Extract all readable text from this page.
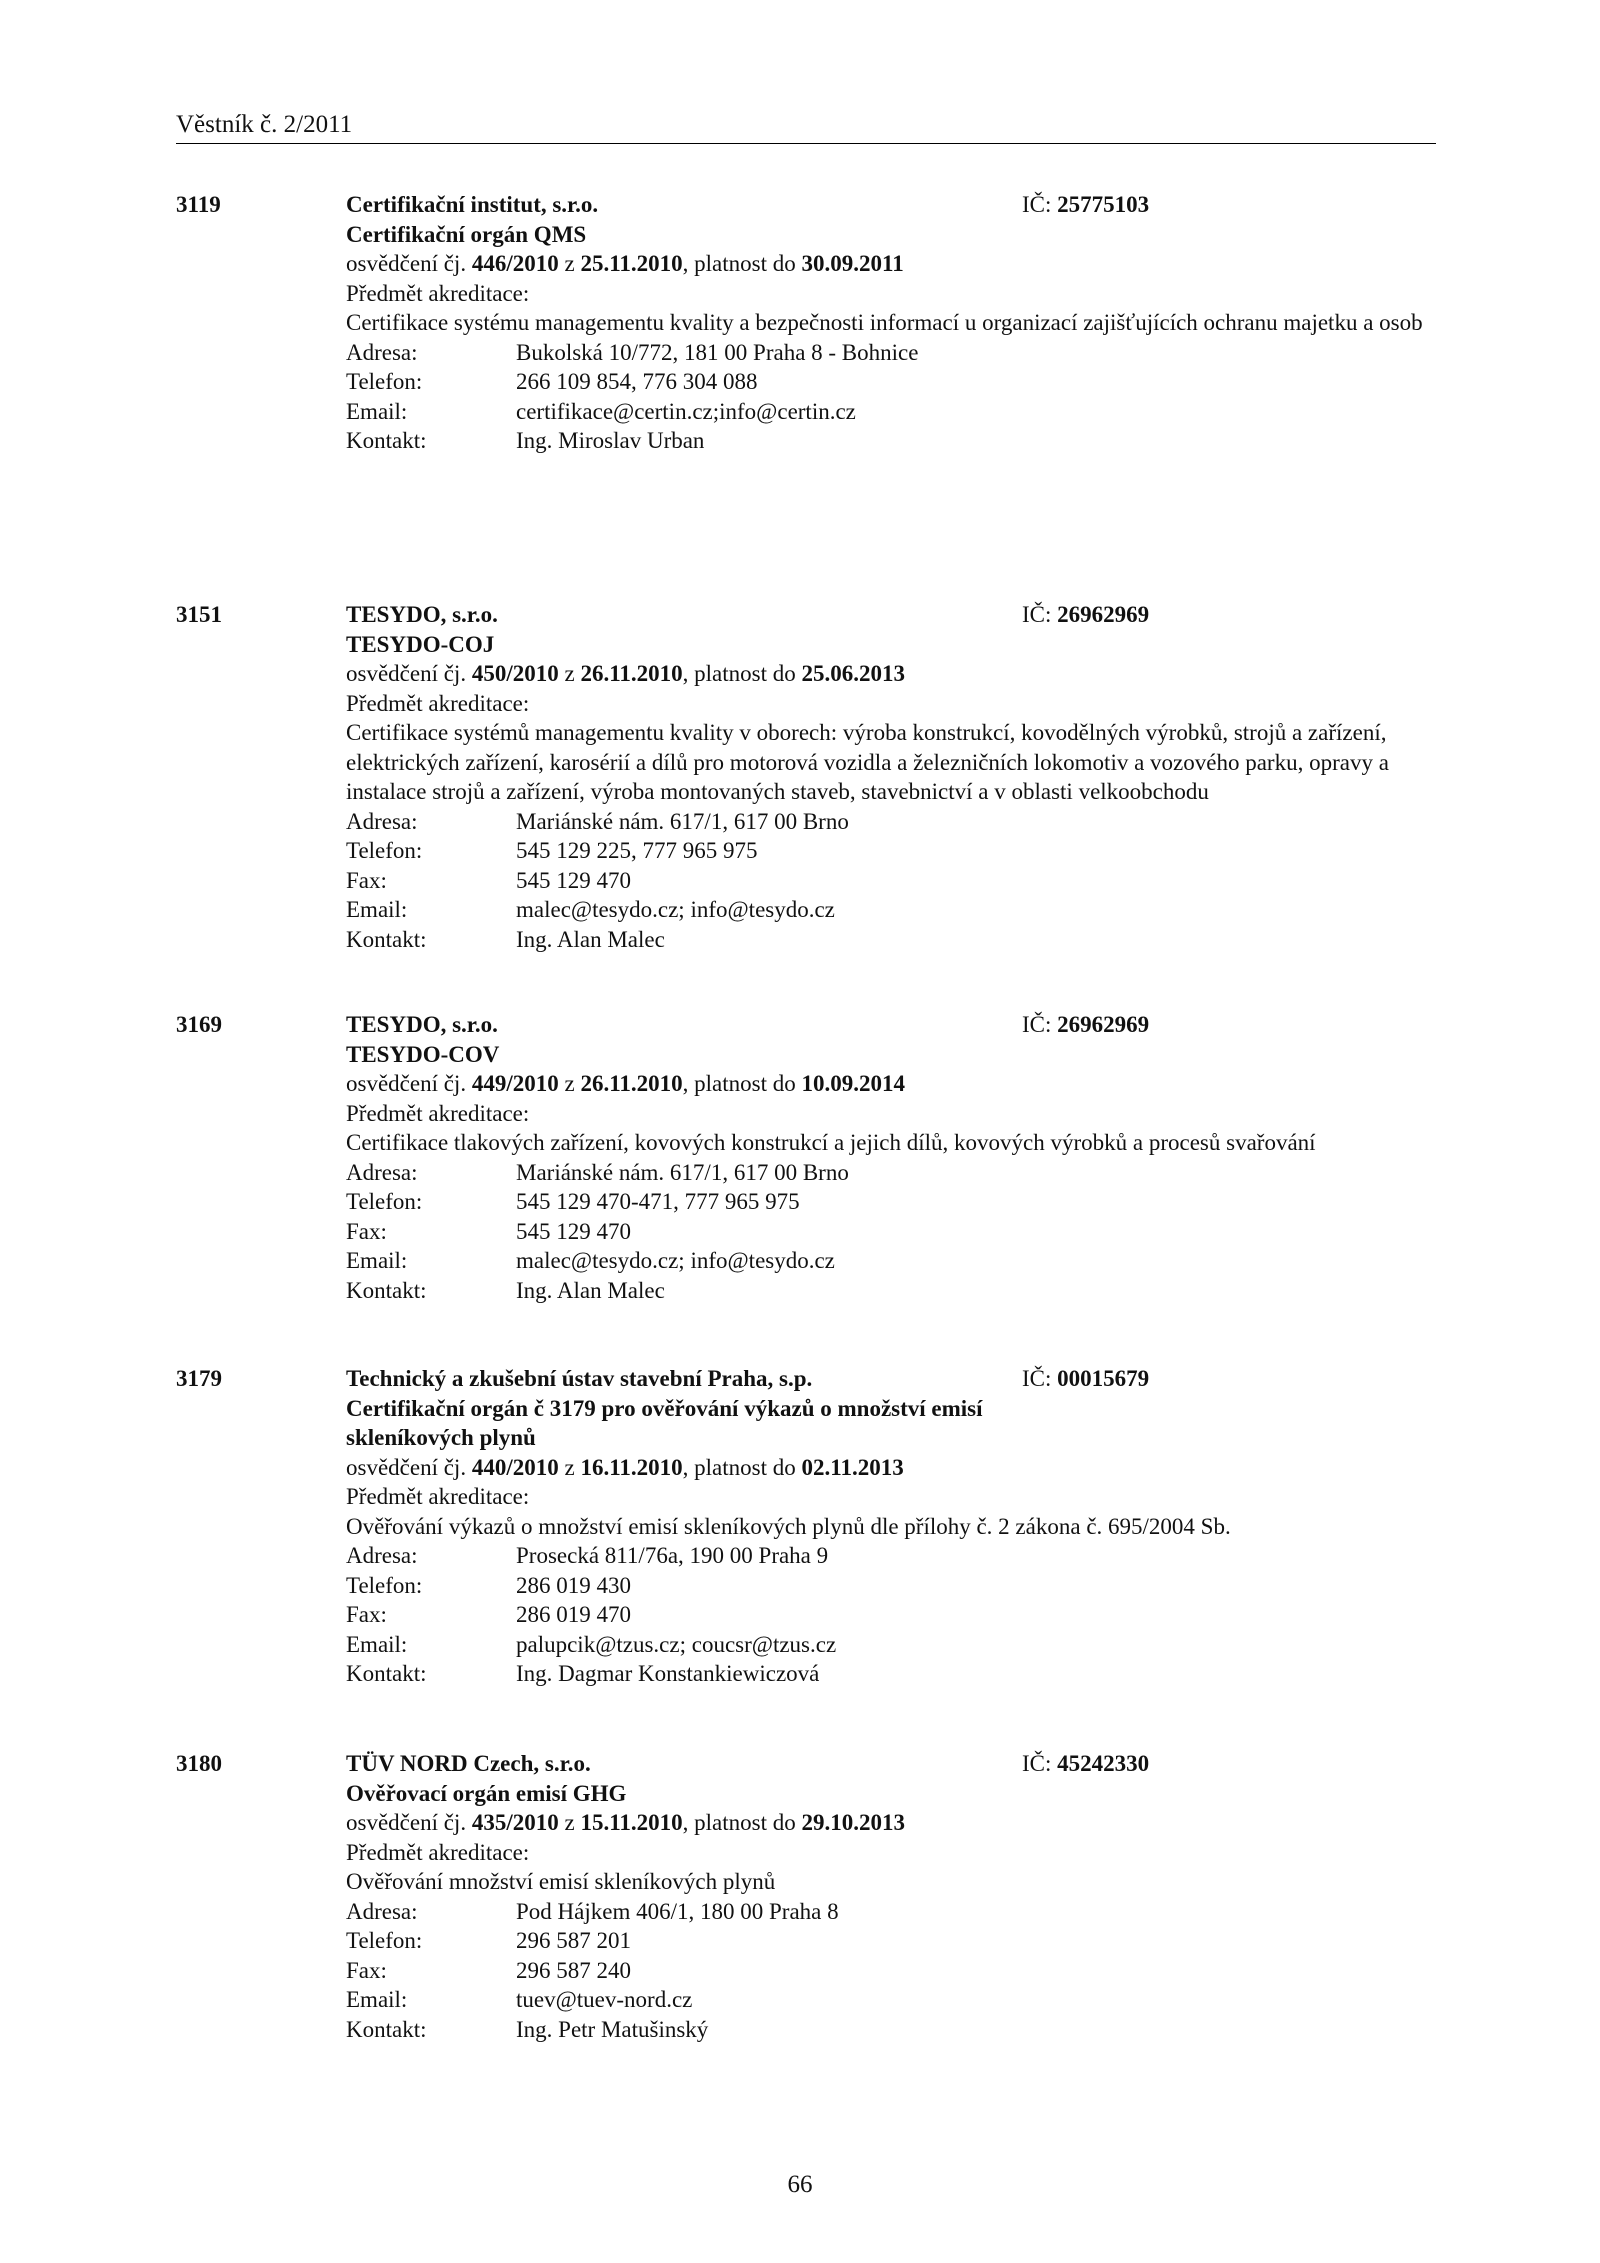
Věstník č. 2/2011
3119	Certifikační institut, s.r.o.	IČ: 25775103
Certifikační orgán QMS
osvědčení čj. 446/2010 z 25.11.2010, platnost do 30.09.2011
Předmět akreditace:
Certifikace systému managementu kvality a bezpečnosti informací u organizací zajišťujících ochranu majetku a osob
Adresa:	Bukolská 10/772, 181 00 Praha 8 - Bohnice
Telefon:	266 109 854, 776 304 088
Email:	certifikace@certin.cz;info@certin.cz
Kontakt:	Ing. Miroslav Urban
3151	TESYDO, s.r.o.	IČ: 26962969
TESYDO-COJ
osvědčení čj. 450/2010 z 26.11.2010, platnost do 25.06.2013
Předmět akreditace:
Certifikace systémů managementu kvality v oborech: výroba konstrukcí, kovodělných výrobků, strojů a zařízení, elektrických zařízení, karosérií a dílů pro motorová vozidla a železničních lokomotiv a vozového parku, opravy a instalace strojů a zařízení, výroba montovaných staveb, stavebnictví a v oblasti velkoobchodu
Adresa:	Mariánské nám. 617/1, 617 00 Brno
Telefon:	545 129 225, 777 965 975
Fax:	545 129 470
Email:	malec@tesydo.cz; info@tesydo.cz
Kontakt:	Ing. Alan Malec
3169	TESYDO, s.r.o.	IČ: 26962969
TESYDO-COV
osvědčení čj. 449/2010 z 26.11.2010, platnost do 10.09.2014
Předmět akreditace:
Certifikace tlakových zařízení, kovových konstrukcí a jejich dílů, kovových výrobků a procesů svařování
Adresa:	Mariánské nám. 617/1, 617 00 Brno
Telefon:	545 129 470-471, 777 965 975
Fax:	545 129 470
Email:	malec@tesydo.cz; info@tesydo.cz
Kontakt:	Ing. Alan Malec
3179	Technický a zkušební ústav stavební Praha, s.p.	IČ: 00015679
Certifikační orgán č 3179 pro ověřování výkazů o množství emisí skleníkových plynů
osvědčení čj. 440/2010 z 16.11.2010, platnost do 02.11.2013
Předmět akreditace:
Ověřování výkazů o množství emisí skleníkových plynů dle přílohy č. 2 zákona č. 695/2004 Sb.
Adresa:	Prosecká 811/76a, 190 00 Praha 9
Telefon:	286 019 430
Fax:	286 019 470
Email:	palupcik@tzus.cz; coucsr@tzus.cz
Kontakt:	Ing. Dagmar Konstankiewiczová
3180	TÜV NORD Czech, s.r.o.	IČ: 45242330
Ověřovací orgán emisí GHG
osvědčení čj. 435/2010 z 15.11.2010, platnost do 29.10.2013
Předmět akreditace:
Ověřování množství emisí skleníkových plynů
Adresa:	Pod Hájkem 406/1, 180 00 Praha 8
Telefon:	296 587 201
Fax:	296 587 240
Email:	tuev@tuev-nord.cz
Kontakt:	Ing. Petr Matušinský
66
